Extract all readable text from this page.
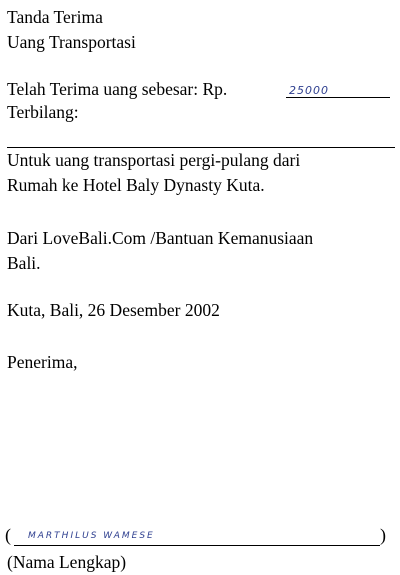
Tanda Terima
Uang Transportasi
Telah Terima uang sebesar: Rp.	25000
Terbilang:
Untuk uang transportasi pergi-pulang dari
Rumah ke Hotel Baly Dynasty Kuta.
Dari LoveBali.Com /Bantuan Kemanusiaan
Bali.
Kuta, Bali, 26 Desember 2002
Penerima,
( MARTHILUS WAMESE	)
(Nama Lengkap)
